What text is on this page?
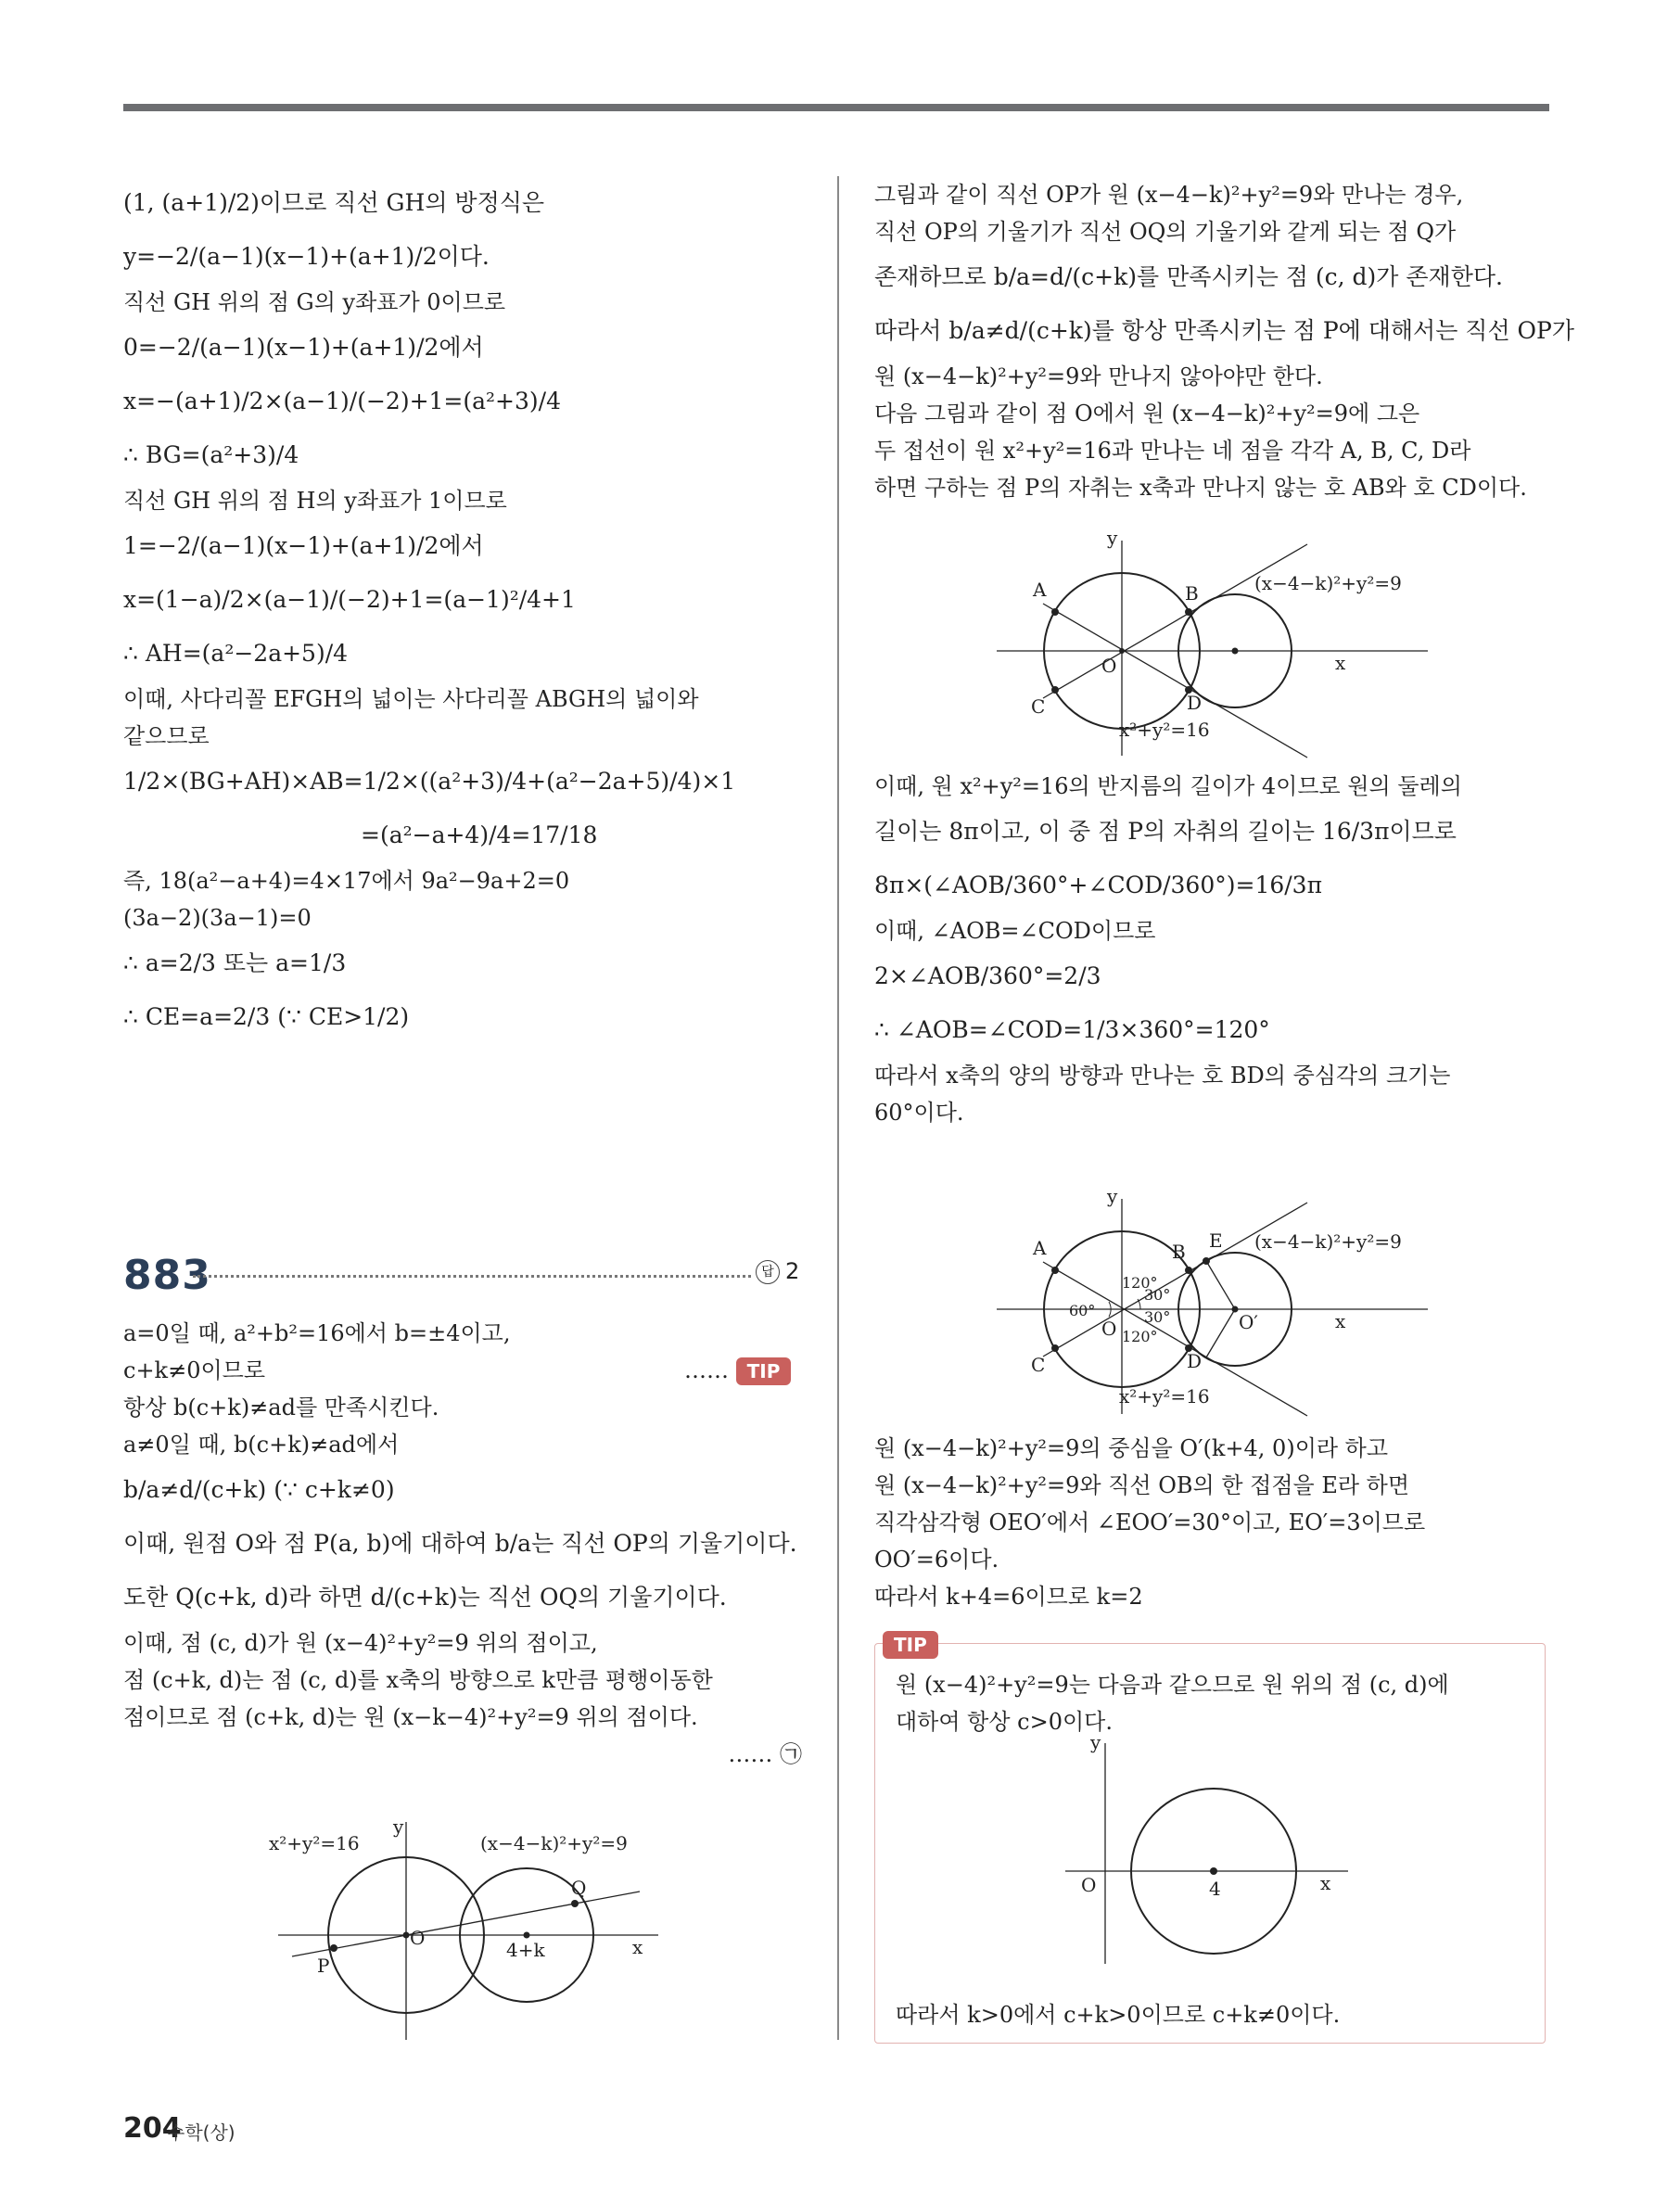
(1, (a+1)/2)이므로 직선 GH의 방정식은

y=−2/(a−1)(x−1)+(a+1)/2이다.

직선 GH 위의 점 G의 y좌표가 0이므로

0=−2/(a−1)(x−1)+(a+1)/2에서

x=−(a+1)/2×(a−1)/(−2)+1=(a²+3)/4

∴ BG=(a²+3)/4

직선 GH 위의 점 H의 y좌표가 1이므로

1=−2/(a−1)(x−1)+(a+1)/2에서

x=(1−a)/2×(a−1)/(−2)+1=(a−1)²/4+1

∴ AH=(a²−2a+5)/4

이때, 사다리꼴 EFGH의 넓이는 사다리꼴 ABGH의 넓이와

같으므로

1/2×(BG+AH)×AB=1/2×((a²+3)/4+(a²−2a+5)/4)×1

=(a²−a+4)/4=17/18

즉, 18(a²−a+4)=4×17에서 9a²−9a+2=0

(3a−2)(3a−1)=0

∴ a=2/3 또는 a=1/3

∴ CE=a=2/3 (∵ CE>1/2)

883	답 2

a=0일 때, a²+b²=16에서 b=±4이고,

c+k≠0이므로	…… TIP

항상 b(c+k)≠ad를 만족시킨다.

a≠0일 때, b(c+k)≠ad에서

b/a≠d/(c+k) (∵ c+k≠0)

이때, 원점 O와 점 P(a, b)에 대하여 b/a는 직선 OP의 기울기이다.

도한 Q(c+k, d)라 하면 d/(c+k)는 직선 OQ의 기울기이다.

이때, 점 (c, d)가 원 (x−4)²+y²=9 위의 점이고,

점 (c+k, d)는 점 (c, d)를 x축의 방향으로 k만큼 평행이동한

점이므로 점 (c+k, d)는 원 (x−k−4)²+y²=9 위의 점이다.

…… ㉠

x²+y²=16	(x−4−k)²+y²=9
O
P
Q
4+k	x
y

그림과 같이 직선 OP가 원 (x−4−k)²+y²=9와 만나는 경우,

직선 OP의 기울기가 직선 OQ의 기울기와 같게 되는 점 Q가

존재하므로 b/a=d/(c+k)를 만족시키는 점 (c, d)가 존재한다.

따라서 b/a≠d/(c+k)를 항상 만족시키는 점 P에 대해서는 직선 OP가

원 (x−4−k)²+y²=9와 만나지 않아야만 한다.

다음 그림과 같이 점 O에서 원 (x−4−k)²+y²=9에 그은

두 접선이 원 x²+y²=16과 만나는 네 점을 각각 A, B, C, D라

하면 구하는 점 P의 자취는 x축과 만나지 않는 호 AB와 호 CD이다.

A	B
C	D
O
(x−4−k)²+y²=9
x²+y²=16
x
y

이때, 원 x²+y²=16의 반지름의 길이가 4이므로 원의 둘레의

길이는 8π이고, 이 중 점 P의 자취의 길이는 16/3π이므로

8π×(∠AOB/360°+∠COD/360°)=16/3π

이때, ∠AOB=∠COD이므로

2×∠AOB/360°=2/3

∴ ∠AOB=∠COD=1/3×360°=120°

따라서 x축의 양의 방향과 만나는 호 BD의 중심각의 크기는

60°이다.

A	B E
C	D
O	O′
120°
120°
30°
30°
60°
(x−4−k)²+y²=9
x²+y²=16
x
y

원 (x−4−k)²+y²=9의 중심을 O′(k+4, 0)이라 하고

원 (x−4−k)²+y²=9와 직선 OB의 한 접점을 E라 하면

직각삼각형 OEO′에서 ∠EOO′=30°이고, EO′=3이므로

OO′=6이다.

따라서 k+4=6이므로 k=2

TIP

원 (x−4)²+y²=9는 다음과 같으므로 원 위의 점 (c, d)에

대하여 항상 c>0이다.

O	4	x
y

따라서 k>0에서 c+k>0이므로 c+k≠0이다.

204
수학(상)
